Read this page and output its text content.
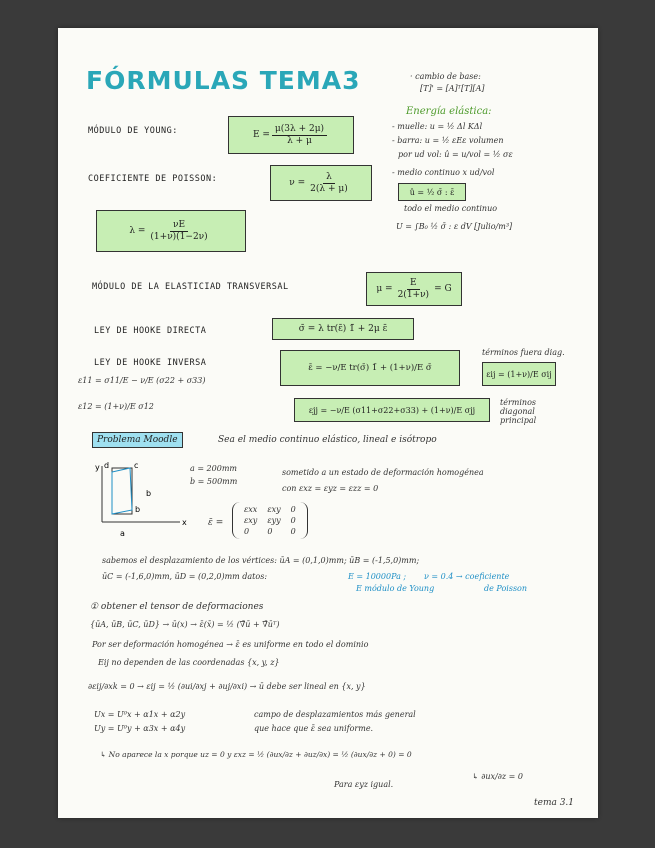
FÓRMULAS TEMA3	· cambio de base:
[T]' = [A]ᵀ[T][A]
Energía elástica:
- muelle: u = ½ Δl KΔl
- barra: u = ½ εEε volumen
por ud vol: û = u/vol = ½ σε
- medio continuo x ud/vol
û = ½ σ̄ : ε̄
todo el medio continuo
U = ∫B₀ ½ σ̄ : ε dV [Julio/m³]
MÓDULO DE YOUNG:	$E = \frac{\mu(3\lambda + 2\mu)}{\lambda + \mu}$
COEFICIENTE DE POISSON:	$\nu = \frac{\lambda}{2(\lambda + \mu)}$
$\lambda = \frac{\nu E}{(1+\nu)(1-2\nu)}$
MÓDULO DE LA ELASTICIAD TRANSVERSAL	$\mu = \frac{E}{2(1+\nu)} = G$
LEY DE HOOKE DIRECTA	σ̄ = λ tr(ε̄) 1̄ + 2μ ε̄
LEY DE HOOKE INVERSA
términos fuera diag.
ε̄ = −ν/E tr(σ̄) 1̄ + (1+ν)/E σ̄
εij = (1+ν)/E σij
ε11 = σ11/E − ν/E (σ22 + σ33)
ε12 = (1+ν)/E σ12	εjj = −ν/E (σ11+σ22+σ33) + (1+ν)/E σjj
términos diagonal principal
Problema Moodle	Sea el medio continuo elástico, lineal e isótropo
y
x
d	c
b
b
a
a = 200mm
b = 500mm
sometido a un estado de deformación homogénea
con εxz = εyz = εzz = 0
ε̄ =
εxx	εxy	0
εxy	εyy	0
0	0	0
sabemos el desplazamiento de los vértices: ūA = (0,1,0)mm; ūB = (-1,5,0)mm;
ūC = (-1,6,0)mm, ūD = (0,2,0)mm datos:	E = 10000Pa ; ν = 0.4 → coeficiente
E módulo de Young	de Poisson
① obtener el tensor de deformaciones
{ūA, ūB, ūC, ūD} → ū(x) → ε̄(x̄) = ½ (∇̄ū + ∇̄ūᵀ)
Por ser deformación homogénea → ε̄ es uniforme en todo el dominio
Eij no dependen de las coordenadas {x, y, z}
∂εij/∂xk = 0 → εij = ½ (∂ui/∂xj + ∂uj/∂xi) → ū debe ser lineal en {x, y}
Ux = U⁰x + α1x + α2y
Uy = U⁰y + α3x + α4y
campo de desplazamientos más general
que hace que ε̄ sea uniforme.
↳ No aparece la x porque uz = 0 y εxz = ½ (∂ux/∂z + ∂uz/∂x) = ½ (∂ux/∂z + 0) = 0
Para εyz igual.
↳ ∂ux/∂z = 0
tema 3.1
